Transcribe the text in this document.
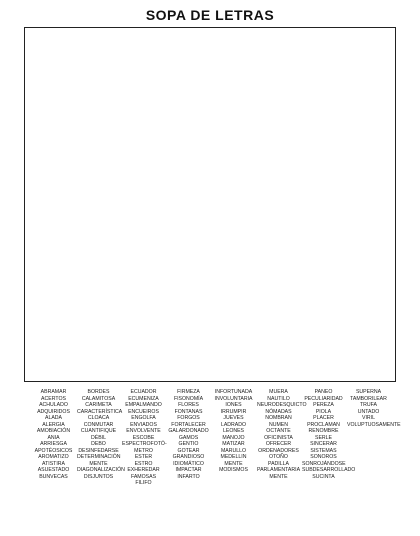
SOPA DE LETRAS
ABRAMAR
ACERTOS
ACHULADO
ADQUIRIDOS
ALADA
ALERGIA
AMOBIACIÓN
ANIA
ARRIESGA
APOTÉOSICOS
AROMATIZO
ATISTIRA
ASUESTADO
BUNVECAS
BORDES
CALAMITOSA
CARIMETA
CARACTERÍSTICA
CLOACA
CONMUTAR
CUANTIFIQUE
DÉBIL
DEBO
DESINFEDARSE
DETERMINACIÓN
MENTE
DIAGONALIZACIÓN
DISJUNTOS
ECUADOR
ECUMENIZA
EMPALMANDO
ENCUEIROS
ENGOLFA
ENVIADOS
ENVOLVENTE
ESCOBE
ESPECTROFOTÓ-
METRO
ESTER
ESTRO
EXHEREDAR
FAMOSAS
FILIFO
FIRMEZA
FISONOMÍA
FLORES
FONTANAS
FORGOS
FORTALECER
GALARDONADO
GAMOS
GENTIO
GOTEAR
GRANDIOSO
IDIOMÁTICO
IMPACTAR
INFARTO
INFORTUNADA
INVOLUNTARIA
IONES
IRRUMPIR
JUEVES
LADRADO
LEONES
MANOJO
MATIZAR
MARULLO
MEDELLIN
MENTE
MODISMOS
MUERA
NAUTILO
NEURODESQUICTO
NÓMADAS
NOMBRAN
NUMEN
OCTANTE
OFICINISTA
OFRECER
ORDENADORES
OTOÑO
PADILLA
PARLAMENTARIA
MENTE
PANEO
PECULIARIDAD
PEREZA
PIOLA
PLACER
PROCLAMAN
RENOMBRE
SERLE
SINCERAR
SISTEMAS
SONOROS
SONROJÁNDOSE
SUBDESARROLLADO
SUCINTA
SUPERNA
TAMBORILEAR
TRUFA
UNTADO
VIRIL
VOLUPTUOSAMENTE
